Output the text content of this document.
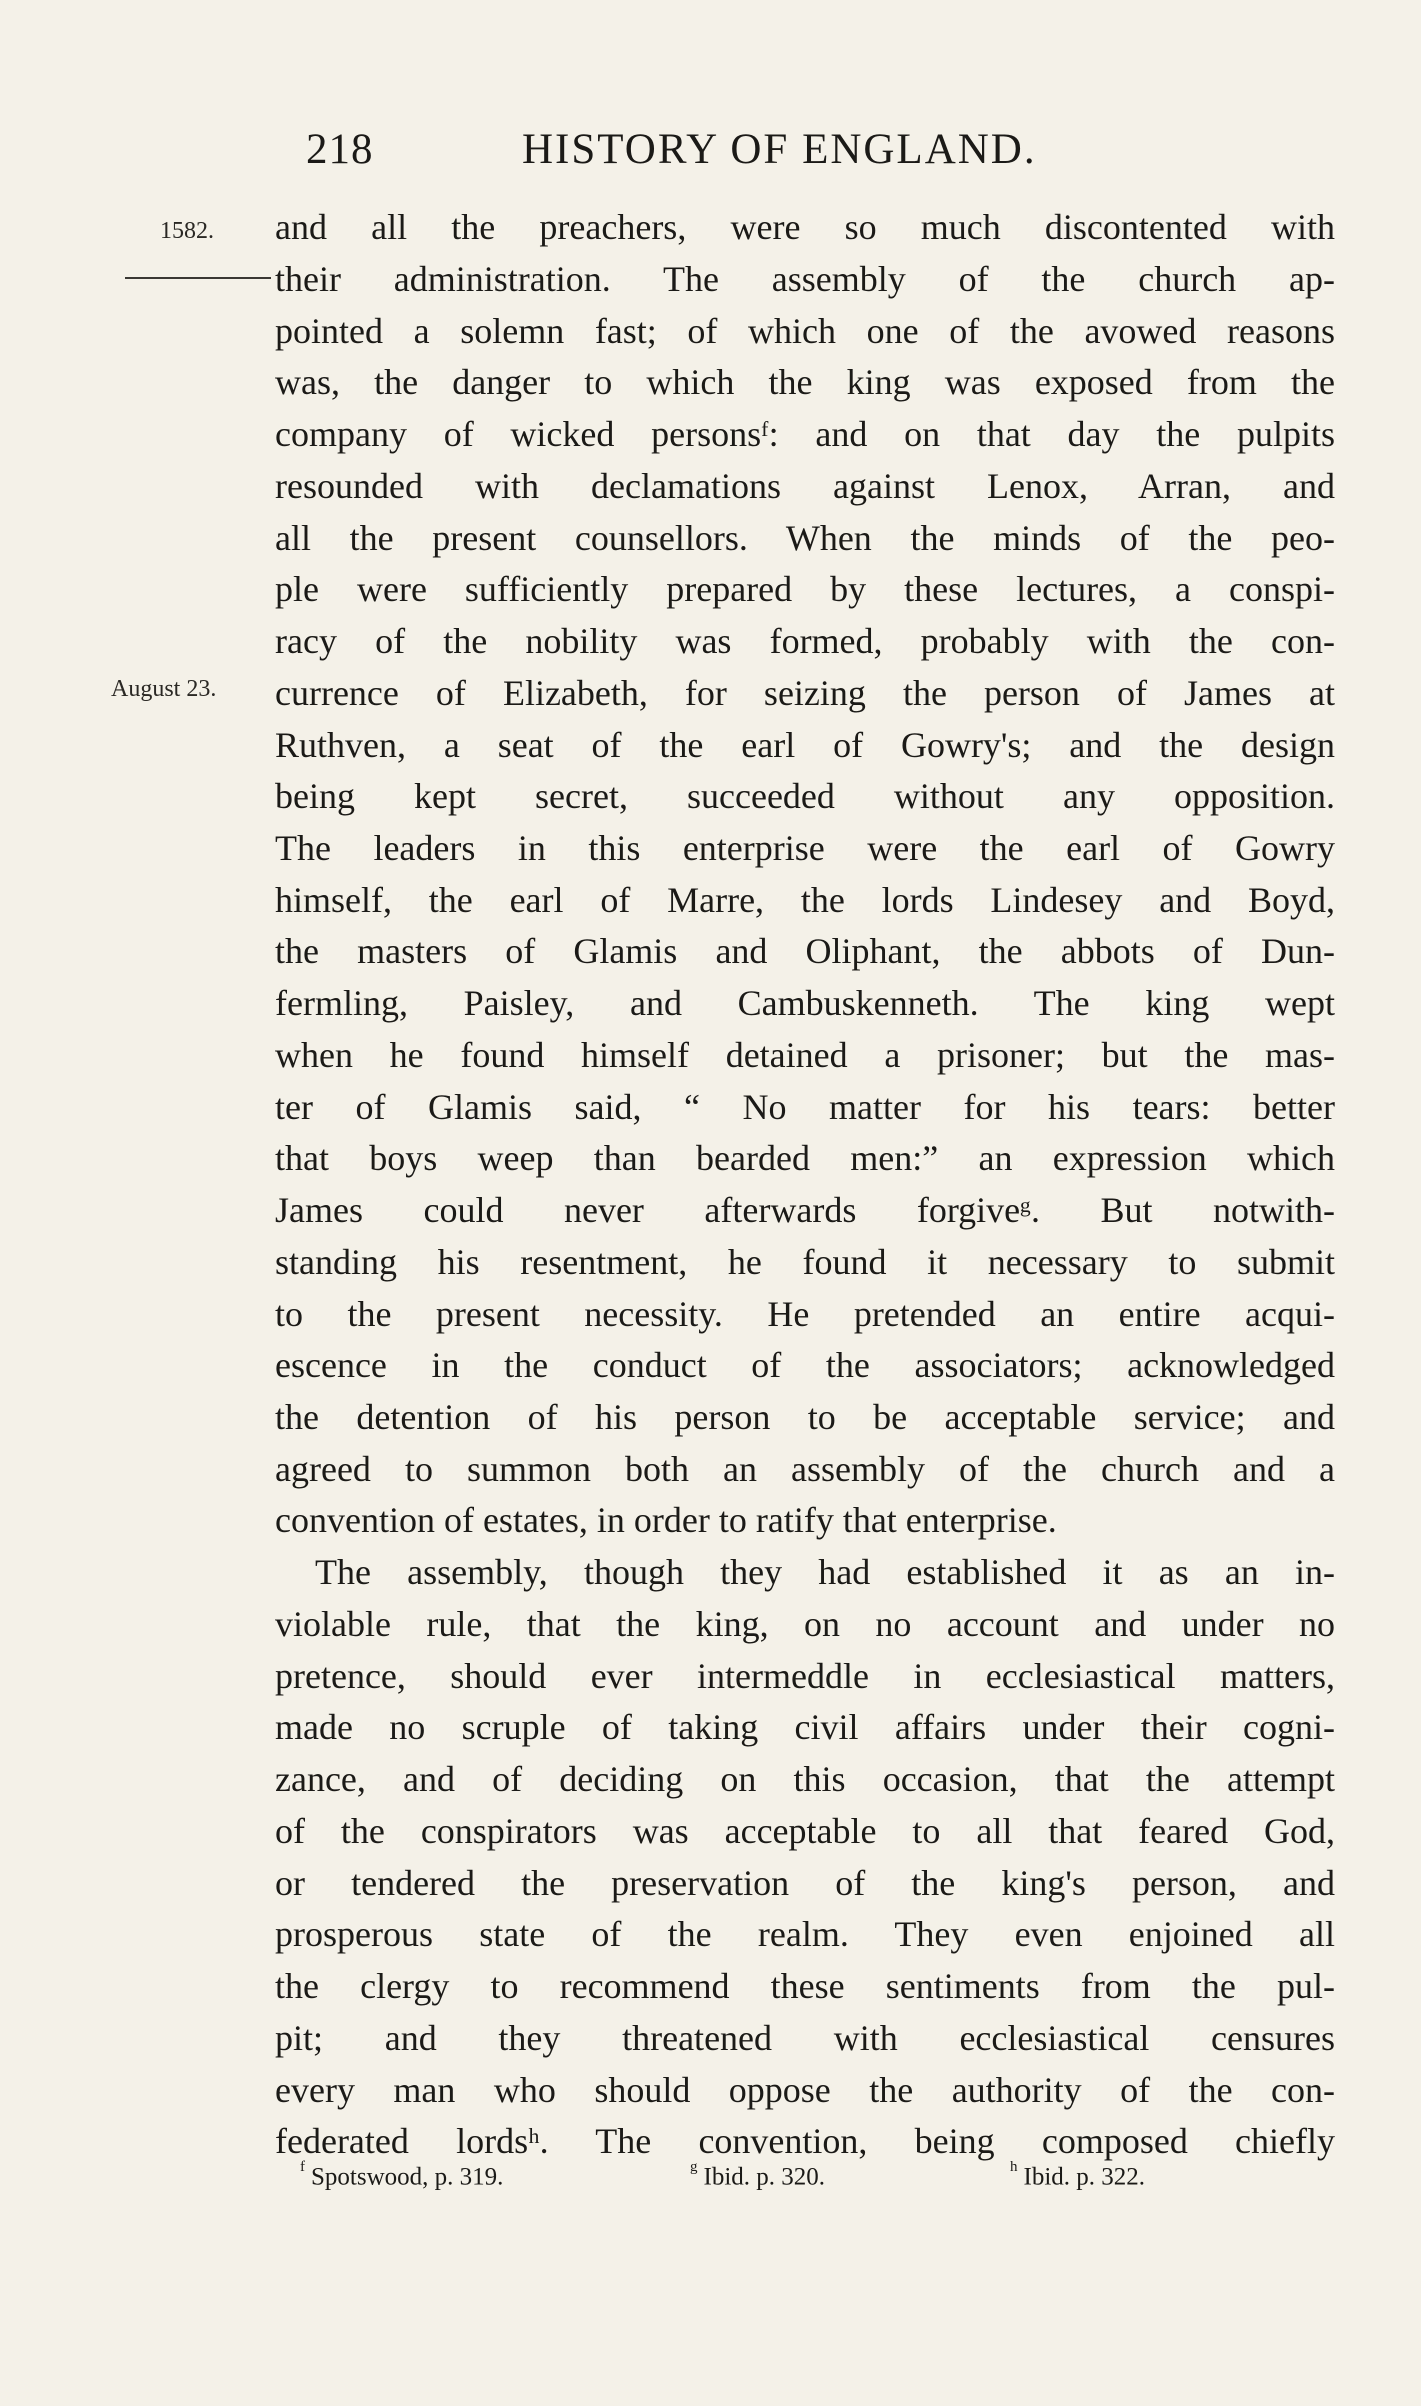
218	HISTORY OF ENGLAND.
1582.
August 23.
and all the preachers, were so much discontented with
their administration. The assembly of the church ap-
pointed a solemn fast; of which one of the avowed reasons
was, the danger to which the king was exposed from the
company of wicked personsᶠ: and on that day the pulpits
resounded with declamations against Lenox, Arran, and
all the present counsellors. When the minds of the peo-
ple were sufficiently prepared by these lectures, a conspi-
racy of the nobility was formed, probably with the con-
currence of Elizabeth, for seizing the person of James at
Ruthven, a seat of the earl of Gowry's; and the design
being kept secret, succeeded without any opposition.
The leaders in this enterprise were the earl of Gowry
himself, the earl of Marre, the lords Lindesey and Boyd,
the masters of Glamis and Oliphant, the abbots of Dun-
fermling, Paisley, and Cambuskenneth. The king wept
when he found himself detained a prisoner; but the mas-
ter of Glamis said, “ No matter for his tears: better
that boys weep than bearded men:” an expression which
James could never afterwards forgiveᵍ. But notwith-
standing his resentment, he found it necessary to submit
to the present necessity. He pretended an entire acqui-
escence in the conduct of the associators; acknowledged
the detention of his person to be acceptable service; and
agreed to summon both an assembly of the church and a
convention of estates, in order to ratify that enterprise.
The assembly, though they had established it as an in-
violable rule, that the king, on no account and under no
pretence, should ever intermeddle in ecclesiastical matters,
made no scruple of taking civil affairs under their cogni-
zance, and of deciding on this occasion, that the attempt
of the conspirators was acceptable to all that feared God,
or tendered the preservation of the king's person, and
prosperous state of the realm. They even enjoined all
the clergy to recommend these sentiments from the pul-
pit; and they threatened with ecclesiastical censures
every man who should oppose the authority of the con-
federated lordsʰ. The convention, being composed chiefly
$^f$ Spotswood, p. 319.	$^g$ Ibid. p. 320.	$^h$ Ibid. p. 322.
